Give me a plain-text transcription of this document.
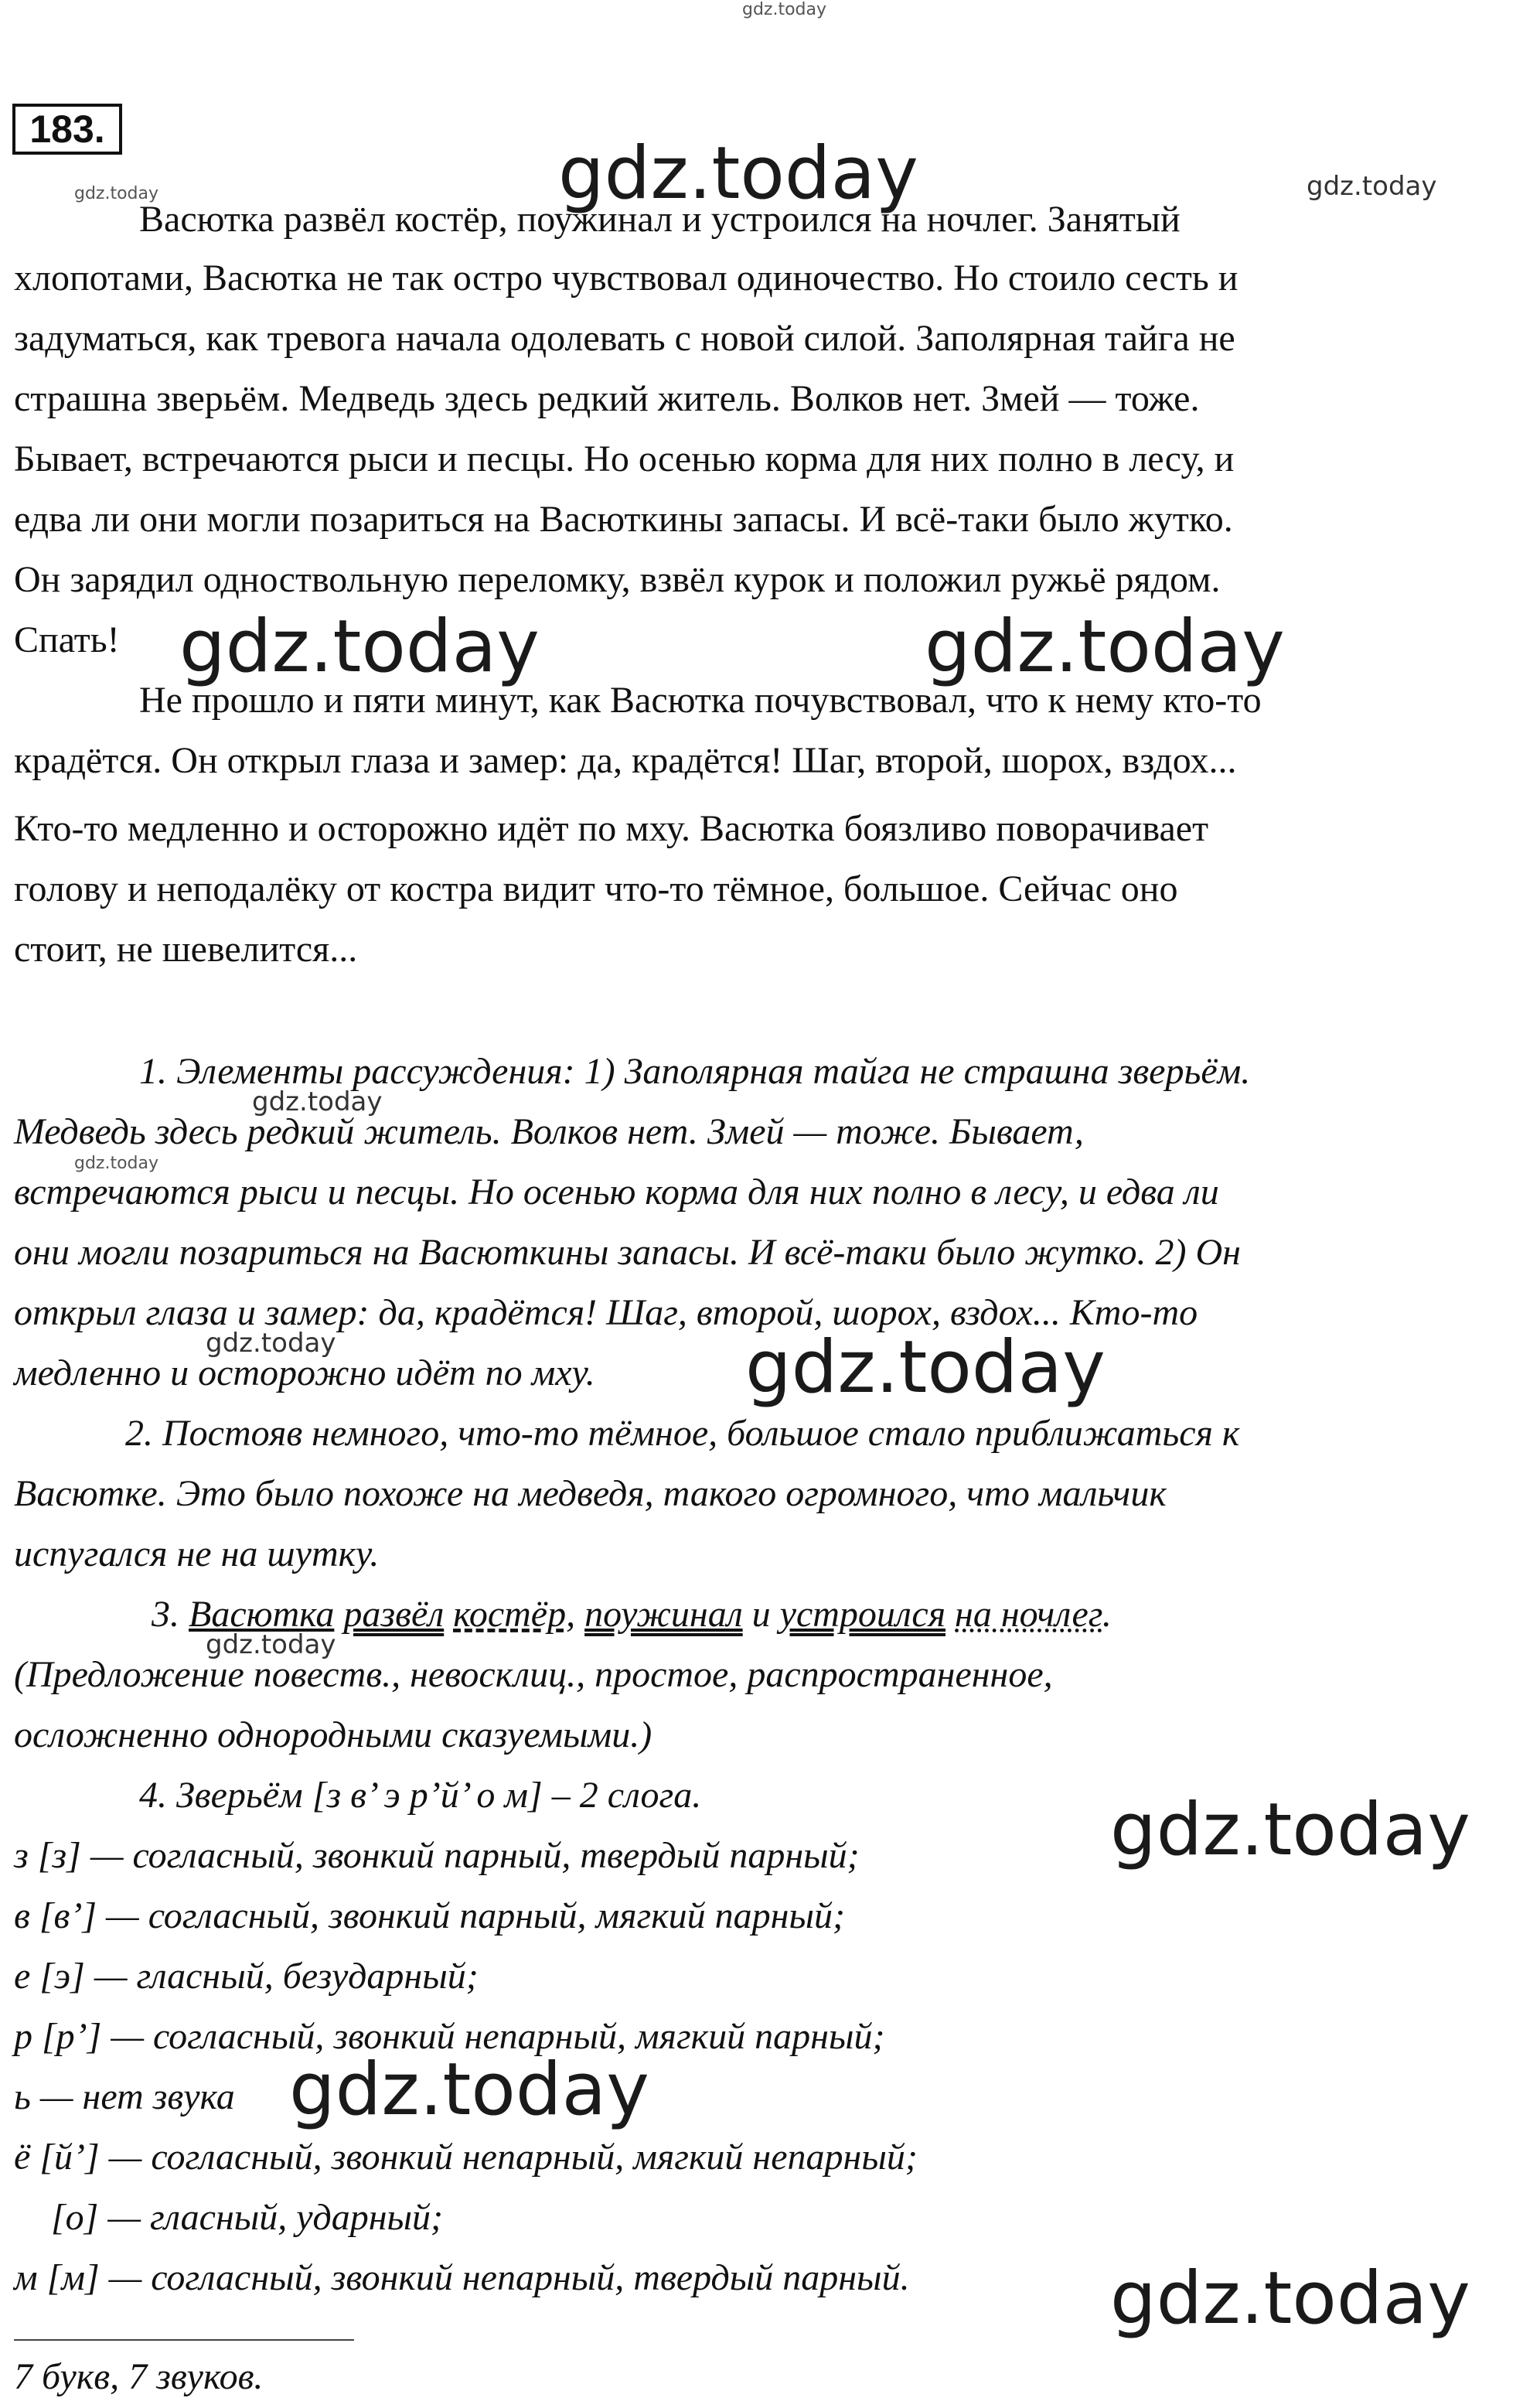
gdz.today
gdz.today	gdz.today
gdz.today
gdz.today	gdz.today
gdz.today
gdz.today
gdz.today	gdz.today
gdz.today
gdz.today
gdz.today
gdz.today
183.
Васютка развёл костёр, поужинал и устроился на ночлег. Занятый
хлопотами, Васютка не так остро чувствовал одиночество. Но стоило сесть и
задуматься, как тревога начала одолевать с новой силой. Заполярная тайга не
страшна зверьём. Медведь здесь редкий житель. Волков нет. Змей — тоже.
Бывает, встречаются рыси и песцы. Но осенью корма для них полно в лесу, и
едва ли они могли позариться на Васюткины запасы. И всё-таки было жутко.
Он зарядил одноствольную переломку, взвёл курок и положил ружьё рядом.
Спать!
Не прошло и пяти минут, как Васютка почувствовал, что к нему кто-то
крадётся. Он открыл глаза и замер: да, крадётся! Шаг, второй, шорох, вздох...
Кто-то медленно и осторожно идёт по мху. Васютка боязливо поворачивает
голову и неподалёку от костра видит что-то тёмное, большое. Сейчас оно
стоит, не шевелится...
1. Элементы рассуждения: 1) Заполярная тайга не страшна зверьём.
Медведь здесь редкий житель. Волков нет. Змей — тоже. Бывает,
встречаются рыси и песцы. Но осенью корма для них полно в лесу, и едва ли
они могли позариться на Васюткины запасы. И всё-таки было жутко. 2) Он
открыл глаза и замер: да, крадётся! Шаг, второй, шорох, вздох... Кто-то
медленно и осторожно идёт по мху.
2. Постояв немного, что-то тёмное, большое стало приближаться к
Васютке. Это было похоже на медведя, такого огромного, что мальчик
испугался не на шутку.
3. Васютка развёл костёр, поужинал и устроился на ночлег.
(Предложение повеств., невосклиц., простое, распространенное,
осложненно однородными сказуемыми.)
4. Зверьём [з в’ э р’й’ о м] – 2 слога.
з [з] — согласный, звонкий парный, твердый парный;
в [в’] — согласный, звонкий парный, мягкий парный;
е [э] — гласный, безударный;
р [р’] — согласный, звонкий непарный, мягкий парный;
ь — нет звука
ё [й’] — согласный, звонкий непарный, мягкий непарный;
[о] — гласный, ударный;
м [м] — согласный, звонкий непарный, твердый парный.
7 букв, 7 звуков.
